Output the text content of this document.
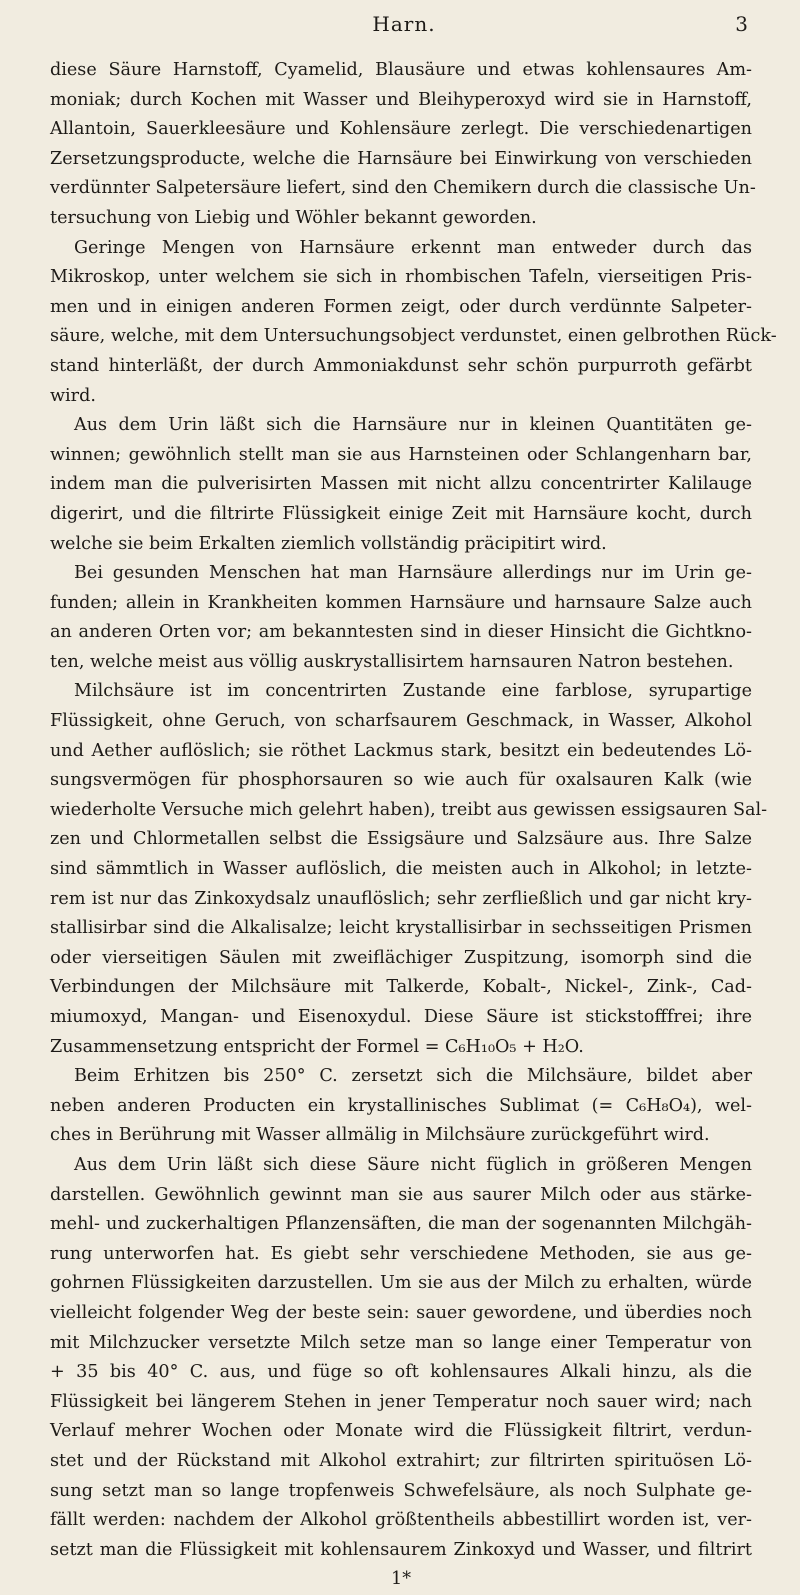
Harn.	3
diese Säure Harnstoff, Cyamelid, Blausäure und etwas kohlensaures Am-
moniak; durch Kochen mit Wasser und Bleihyperoxyd wird sie in Harnstoff,
Allantoin, Sauerkleesäure und Kohlensäure zerlegt. Die verschiedenartigen
Zersetzungsproducte, welche die Harnsäure bei Einwirkung von verschieden
verdünnter Salpetersäure liefert, sind den Chemikern durch die classische Un-
tersuchung von Liebig und Wöhler bekannt geworden.
Geringe Mengen von Harnsäure erkennt man entweder durch das
Mikroskop, unter welchem sie sich in rhombischen Tafeln, vierseitigen Pris-
men und in einigen anderen Formen zeigt, oder durch verdünnte Salpeter-
säure, welche, mit dem Untersuchungsobject verdunstet, einen gelbrothen Rück-
stand hinterläßt, der durch Ammoniakdunst sehr schön purpurroth gefärbt
wird.
Aus dem Urin läßt sich die Harnsäure nur in kleinen Quantitäten ge-
winnen; gewöhnlich stellt man sie aus Harnsteinen oder Schlangenharn bar,
indem man die pulverisirten Massen mit nicht allzu concentrirter Kalilauge
digerirt, und die filtrirte Flüssigkeit einige Zeit mit Harnsäure kocht, durch
welche sie beim Erkalten ziemlich vollständig präcipitirt wird.
Bei gesunden Menschen hat man Harnsäure allerdings nur im Urin ge-
funden; allein in Krankheiten kommen Harnsäure und harnsaure Salze auch
an anderen Orten vor; am bekanntesten sind in dieser Hinsicht die Gichtkno-
ten, welche meist aus völlig auskrystallisirtem harnsauren Natron bestehen.
Milchsäure ist im concentrirten Zustande eine farblose, syrupartige
Flüssigkeit, ohne Geruch, von scharfsaurem Geschmack, in Wasser, Alkohol
und Aether auflöslich; sie röthet Lackmus stark, besitzt ein bedeutendes Lö-
sungsvermögen für phosphorsauren so wie auch für oxalsauren Kalk (wie
wiederholte Versuche mich gelehrt haben), treibt aus gewissen essigsauren Sal-
zen und Chlormetallen selbst die Essigsäure und Salzsäure aus. Ihre Salze
sind sämmtlich in Wasser auflöslich, die meisten auch in Alkohol; in letzte-
rem ist nur das Zinkoxydsalz unauflöslich; sehr zerfließlich und gar nicht kry-
stallisirbar sind die Alkalisalze; leicht krystallisirbar in sechsseitigen Prismen
oder vierseitigen Säulen mit zweiflächiger Zuspitzung, isomorph sind die
Verbindungen der Milchsäure mit Talkerde, Kobalt-, Nickel-, Zink-, Cad-
miumoxyd, Mangan- und Eisenoxydul. Diese Säure ist stickstofffrei; ihre
Zusammensetzung entspricht der Formel = C₆H₁₀O₅ + H₂O.
Beim Erhitzen bis 250° C. zersetzt sich die Milchsäure, bildet aber
neben anderen Producten ein krystallinisches Sublimat (= C₆H₈O₄), wel-
ches in Berührung mit Wasser allmälig in Milchsäure zurückgeführt wird.
Aus dem Urin läßt sich diese Säure nicht füglich in größeren Mengen
darstellen. Gewöhnlich gewinnt man sie aus saurer Milch oder aus stärke-
mehl- und zuckerhaltigen Pflanzensäften, die man der sogenannten Milchgäh-
rung unterworfen hat. Es giebt sehr verschiedene Methoden, sie aus ge-
gohrnen Flüssigkeiten darzustellen. Um sie aus der Milch zu erhalten, würde
vielleicht folgender Weg der beste sein: sauer gewordene, und überdies noch
mit Milchzucker versetzte Milch setze man so lange einer Temperatur von
+ 35 bis 40° C. aus, und füge so oft kohlensaures Alkali hinzu, als die
Flüssigkeit bei längerem Stehen in jener Temperatur noch sauer wird; nach
Verlauf mehrer Wochen oder Monate wird die Flüssigkeit filtrirt, verdun-
stet und der Rückstand mit Alkohol extrahirt; zur filtrirten spirituösen Lö-
sung setzt man so lange tropfenweis Schwefelsäure, als noch Sulphate ge-
fällt werden: nachdem der Alkohol größtentheils abbestillirt worden ist, ver-
setzt man die Flüssigkeit mit kohlensaurem Zinkoxyd und Wasser, und filtrirt
1*
